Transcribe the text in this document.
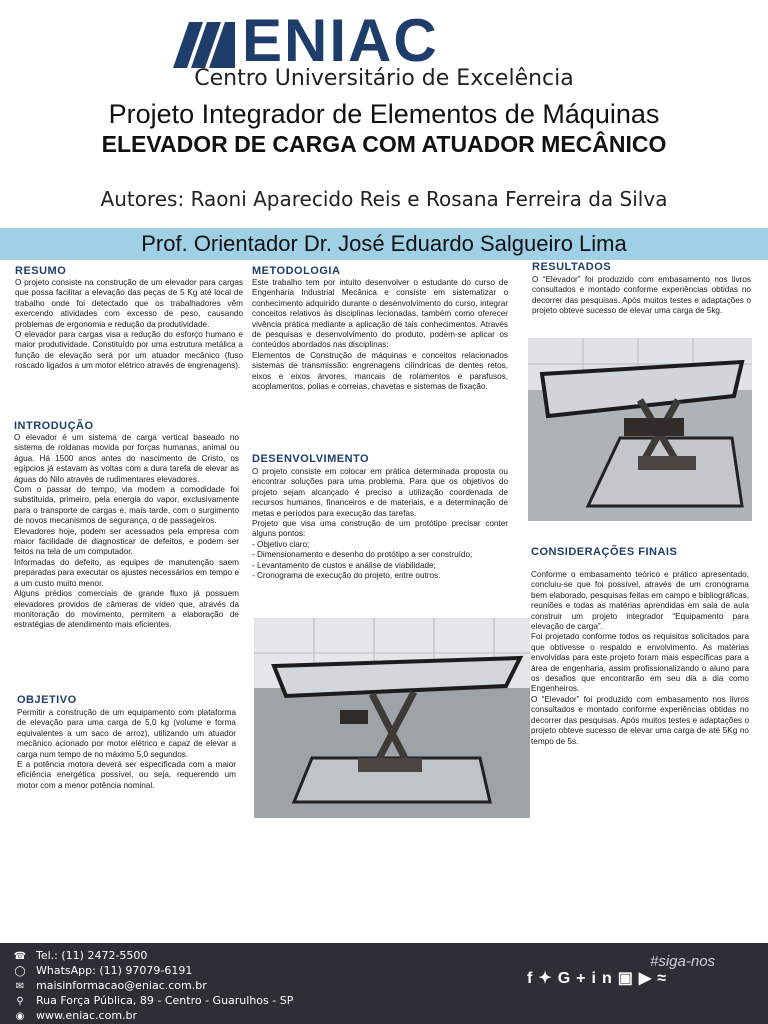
ENIAC
Centro Universitário de Excelência
Projeto Integrador de Elementos de Máquinas
ELEVADOR DE CARGA COM ATUADOR MECÂNICO
Autores: Raoni Aparecido Reis e Rosana Ferreira da Silva
Prof. Orientador Dr. José Eduardo Salgueiro Lima
RESUMO
O projeto consiste na construção de um elevador para cargas que possa facilitar a elevação das peças de 5 Kg até local de trabalho onde foi detectado que os trabalhadores vêm exercendo atividades com excesso de peso, causando problemas de ergonomia e redução da produtividade.
O elevador para cargas visa a redução do esforço humano e maior produtividade. Constituído por uma estrutura metálica a função de elevação será por um atuador mecânico (fuso roscado ligados a um motor elétrico através de engrenagens).
INTRODUÇÃO
O elevador é um sistema de carga vertical baseado no sistema de roldanas movida por forças humanas, animal ou água. Há 1500 anos antes do nascimento de Cristo, os egípcios já estavam às voltas com a dura tarefa de elevar as águas do Nilo através de rudimentares elevadores.
Com o passar do tempo, via modem a comodidade foi substituída, primeiro, pela energia do vapor, exclusivamente para o transporte de cargas e, mais tarde, com o surgimento de novos mecanismos de segurança, o de passageiros.
Elevadores hoje, podem ser acessados pela empresa com maior facilidade de diagnosticar de defeitos, e podem ser feitos na tela de um computador.
Informadas do defeito, as equipes de manutenção saem preparadas para executar os ajustes necessários em tempo e a um custo muito menor.
Alguns prédios comerciais de grande fluxo já possuem elevadores providos de câmeras de vídeo que, através da monitoração do movimento, permitem a elaboração de estratégias de atendimento mais eficientes.
OBJETIVO
Permitir a construção de um equipamento com plataforma de elevação para uma carga de 5,0 kg (volume e forma equivalentes a um saco de arroz), utilizando um atuador mecânico acionado por motor elétrico e capaz de elevar a carga num tempo de no máximo 5,0 segundos.
E a potência motora deverá ser especificada com a maior eficiência energética possível, ou seja, requerendo um motor com a menor potência nominal.
METODOLOGIA
Este trabalho tem por intuito desenvolver o estudante do curso de Engenharia Industrial Mecânica e consiste em sistematizar o conhecimento adquirido durante o desenvolvimento do curso, integrar conceitos relativos às disciplinas lecionadas, também como oferecer vivência prática mediante a aplicação de tais conhecimentos. Através de pesquisas e desenvolvimento do produto, podem-se aplicar os conteúdos abordados nas disciplinas:
Elementos de Construção de máquinas e conceitos relacionados sistemas de transmissão: engrenagens cilíndricas de dentes retos, eixos e eixos árvores, mancais de rolamentos e parafusos, acoplamentos, polias e correias, chavetas e sistemas de fixação.
DESENVOLVIMENTO
O projeto consiste em colocar em prática determinada proposta ou encontrar soluções para uma problema. Para que os objetivos do projeto sejam alcançado é preciso a utilização coordenada de recursos humanos, financeiros e de materiais, e a determinação de metas e períodos para execução das tarefas.
Projeto que visa uma construção de um protótipo precisar conter alguns pontos:
- Objetivo claro;
- Dimensionamento e desenho do protótipo a ser construído;
- Levantamento de custos e análise de viabilidade;
- Cronograma de execução do projeto, entre outros.
RESULTADOS
O “Elevador” foi produzido com embasamento nos livros consultados e montado conforme experiências obtidas no decorrer das pesquisas. Após muitos testes e adaptações o projeto obteve sucesso de elevar uma carga de 5kg.
CONSIDERAÇÕES FINAIS
Conforme o embasamento teórico e prático apresentado, concluiu-se que foi possível, através de um cronograma bem elaborado, pesquisas feitas em campo e bibliográficas, reuniões e todas as matérias aprendidas em sala de aula construir um projeto integrador “Equipamento para elevação de carga”.
Foi projetado conforme todos os requisitos solicitados para que obtivesse o respaldo e envolvimento. As matérias envolvidas para este projeto foram mais específicas para a área de engenharia, assim profissionalizando o aluno para os desafios que encontrarão em seu dia a dia como Engenheiros.
O “Elevador” foi produzido com embasamento nos livros consultados e montado conforme experiências obtidas no decorrer das pesquisas. Após muitos testes e adaptações o projeto obteve sucesso de elevar uma carga de até 5Kg no tempo de 5s.
☎ Tel.: (11) 2472-5500
◯ WhatsApp: (11) 97079-6191
✉ maisinformacao@eniac.com.br
⚲ Rua Força Pública, 89 - Centro - Guarulhos - SP
◉ www.eniac.com.br
#siga-nos
f✦G+in▣▶≈
